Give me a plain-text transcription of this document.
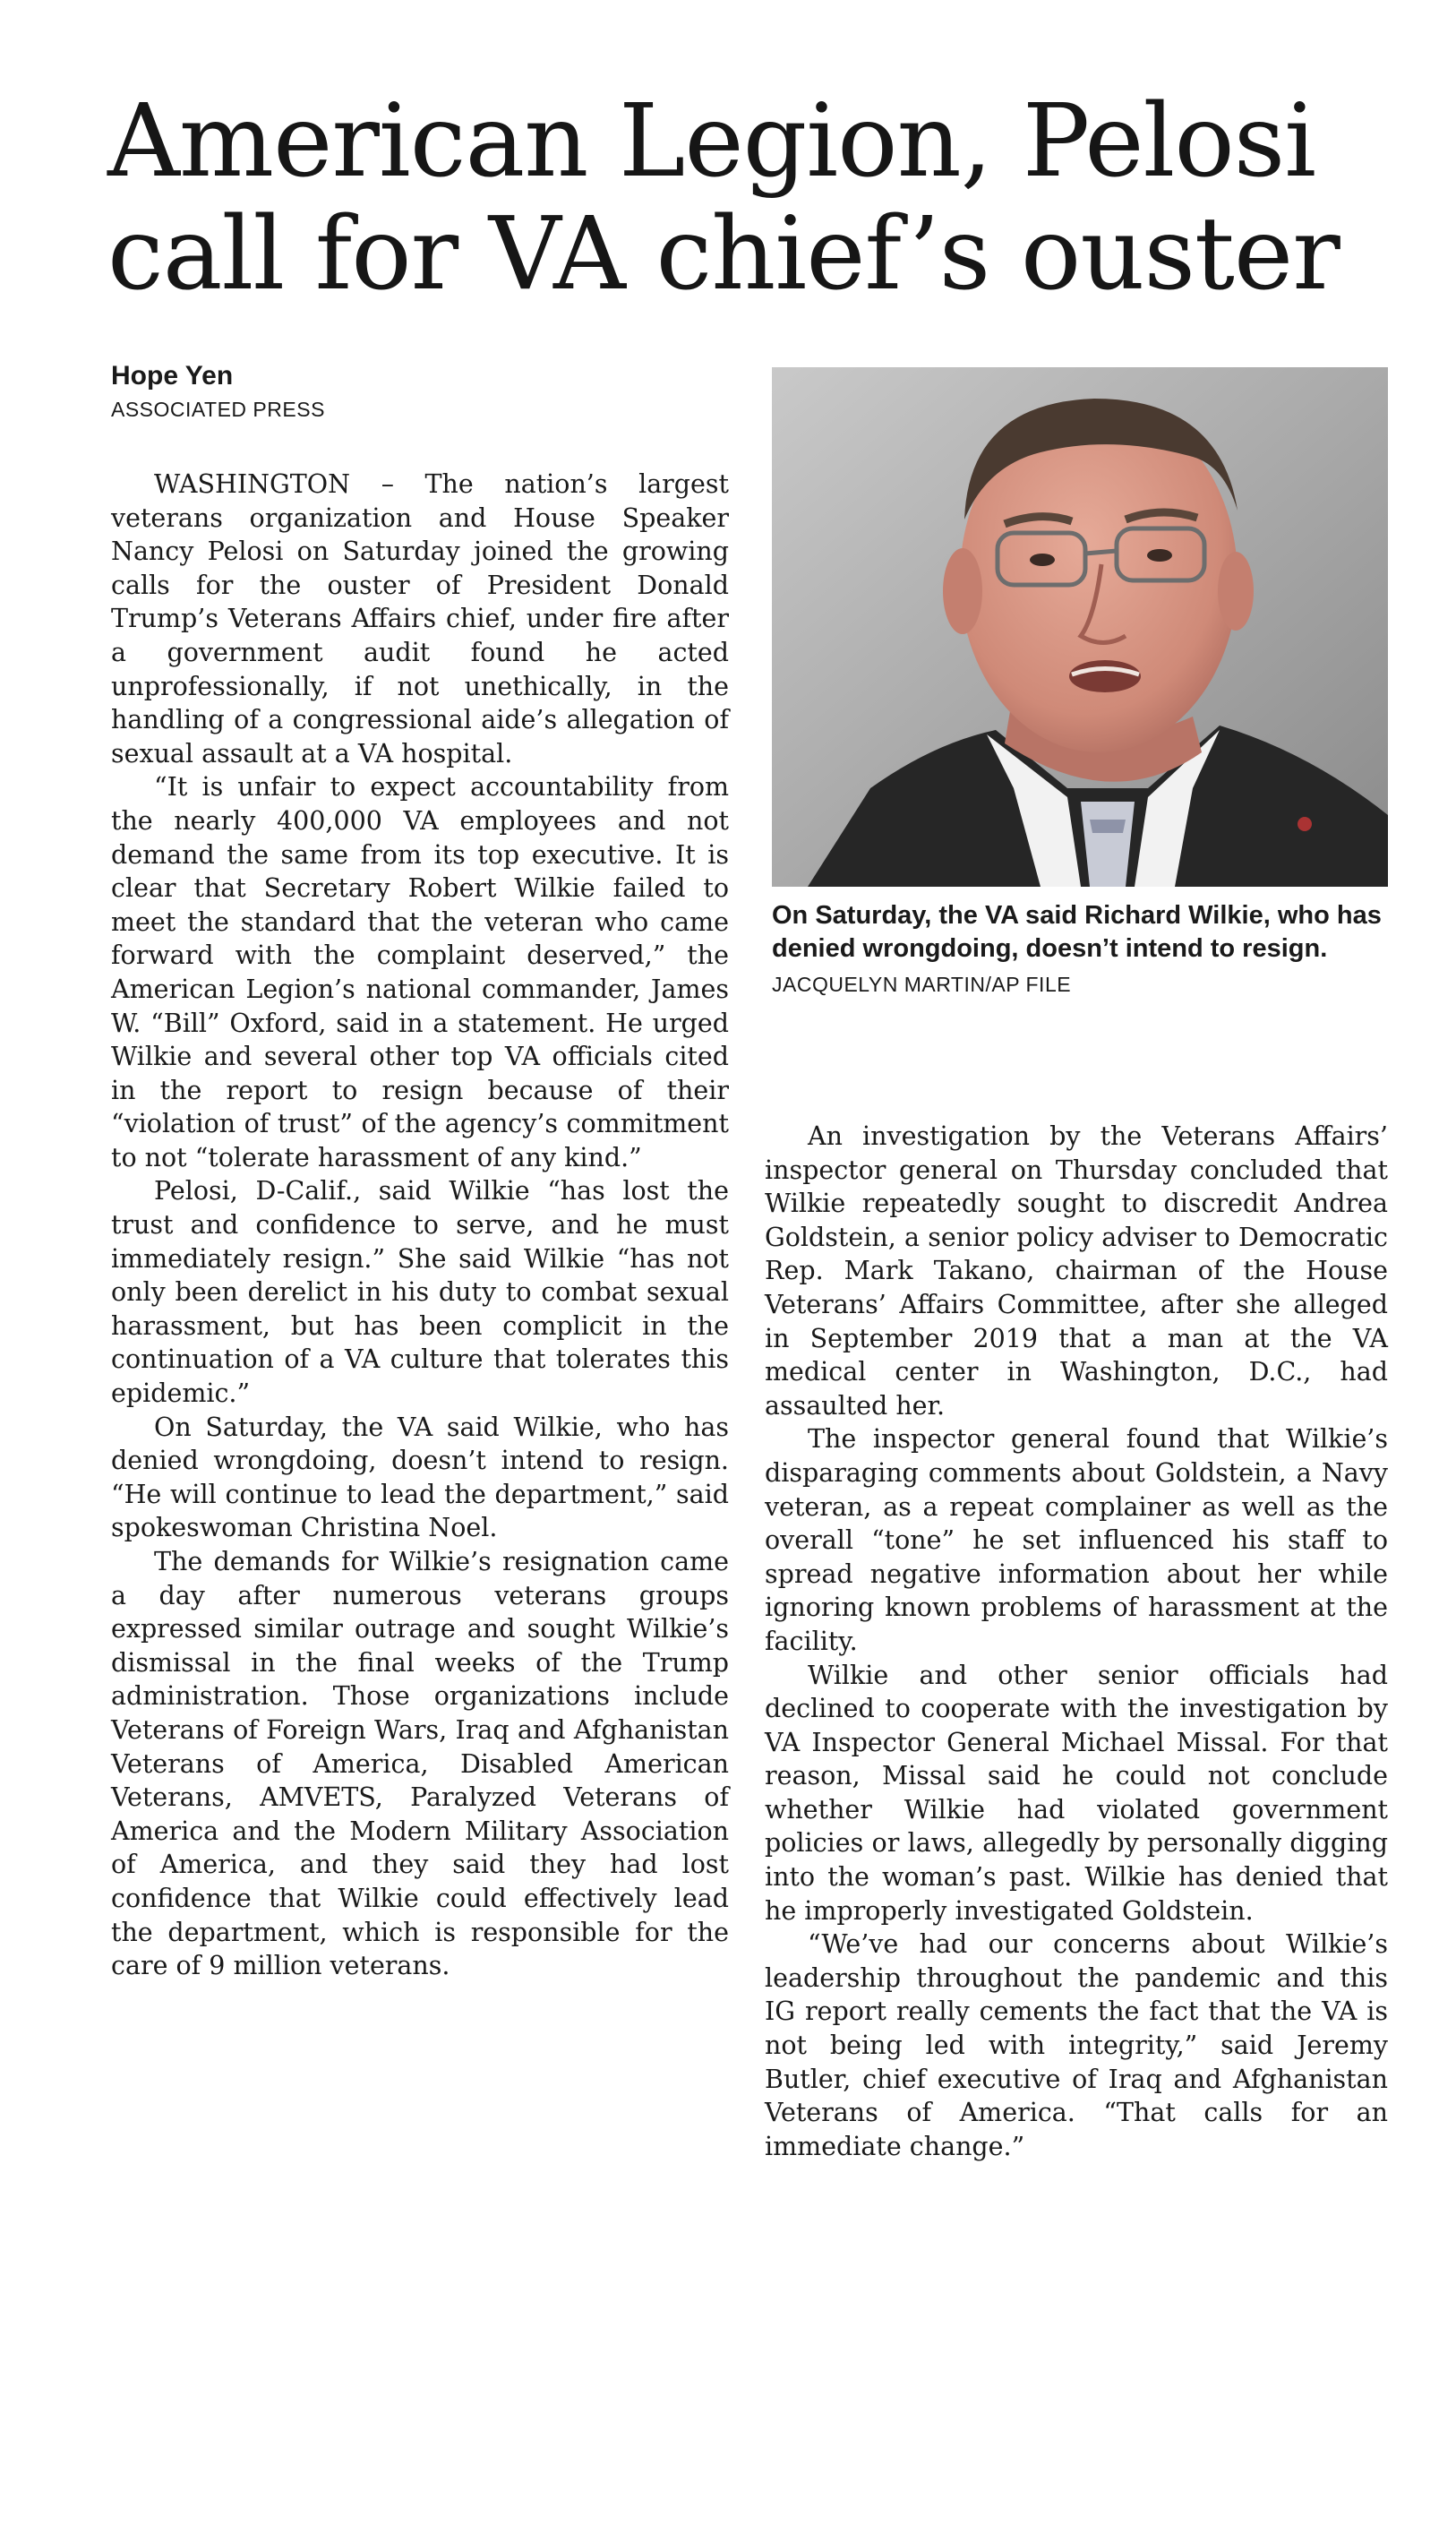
American Legion, Pelosi call for VA chief’s ouster
Hope Yen
ASSOCIATED PRESS

WASHINGTON – The nation’s largest veterans organization and House Speaker Nancy Pelosi on Saturday joined the growing calls for the ouster of President Donald Trump’s Veterans Affairs chief, under fire after a government audit found he acted unprofessionally, if not unethically, in the handling of a congressional aide’s allegation of sexual assault at a VA hospital.

“It is unfair to expect accountability from the nearly 400,000 VA employees and not demand the same from its top executive. It is clear that Secretary Robert Wilkie failed to meet the standard that the veteran who came forward with the complaint deserved,” the American Legion’s national commander, James W. “Bill” Oxford, said in a statement. He urged Wilkie and several other top VA officials cited in the report to resign because of their “violation of trust” of the agency’s commitment to not “tolerate harassment of any kind.”

Pelosi, D-Calif., said Wilkie “has lost the trust and confidence to serve, and he must immediately resign.” She said Wilkie “has not only been derelict in his duty to combat sexual harassment, but has been complicit in the continuation of a VA culture that tolerates this epidemic.”

On Saturday, the VA said Wilkie, who has denied wrongdoing, doesn’t intend to resign. “He will continue to lead the department,” said spokeswoman Christina Noel.

The demands for Wilkie’s resignation came a day after numerous veterans groups expressed similar outrage and sought Wilkie’s dismissal in the final weeks of the Trump administration. Those organizations include Veterans of Foreign Wars, Iraq and Afghanistan Veterans of America, Disabled American Veterans, AMVETS, Paralyzed Veterans of America and the Modern Military Association of America, and they said they had lost confidence that Wilkie could effectively lead the department, which is responsible for the care of 9 million veterans.

On Saturday, the VA said Richard Wilkie, who has denied wrongdoing, doesn’t intend to resign.
JACQUELYN MARTIN/AP FILE

An investigation by the Veterans Affairs’ inspector general on Thursday concluded that Wilkie repeatedly sought to discredit Andrea Goldstein, a senior policy adviser to Democratic Rep. Mark Takano, chairman of the House Veterans’ Affairs Committee, after she alleged in September 2019 that a man at the VA medical center in Washington, D.C., had assaulted her.

The inspector general found that Wilkie’s disparaging comments about Goldstein, a Navy veteran, as a repeat complainer as well as the overall “tone” he set influenced his staff to spread negative information about her while ignoring known problems of harassment at the facility.

Wilkie and other senior officials had declined to cooperate with the investigation by VA Inspector General Michael Missal. For that reason, Missal said he could not conclude whether Wilkie had violated government policies or laws, allegedly by personally digging into the woman’s past. Wilkie has denied that he improperly investigated Goldstein.

“We’ve had our concerns about Wilkie’s leadership throughout the pandemic and this IG report really cements the fact that the VA is not being led with integrity,” said Jeremy Butler, chief executive of Iraq and Afghanistan Veterans of America. “That calls for an immediate change.”
